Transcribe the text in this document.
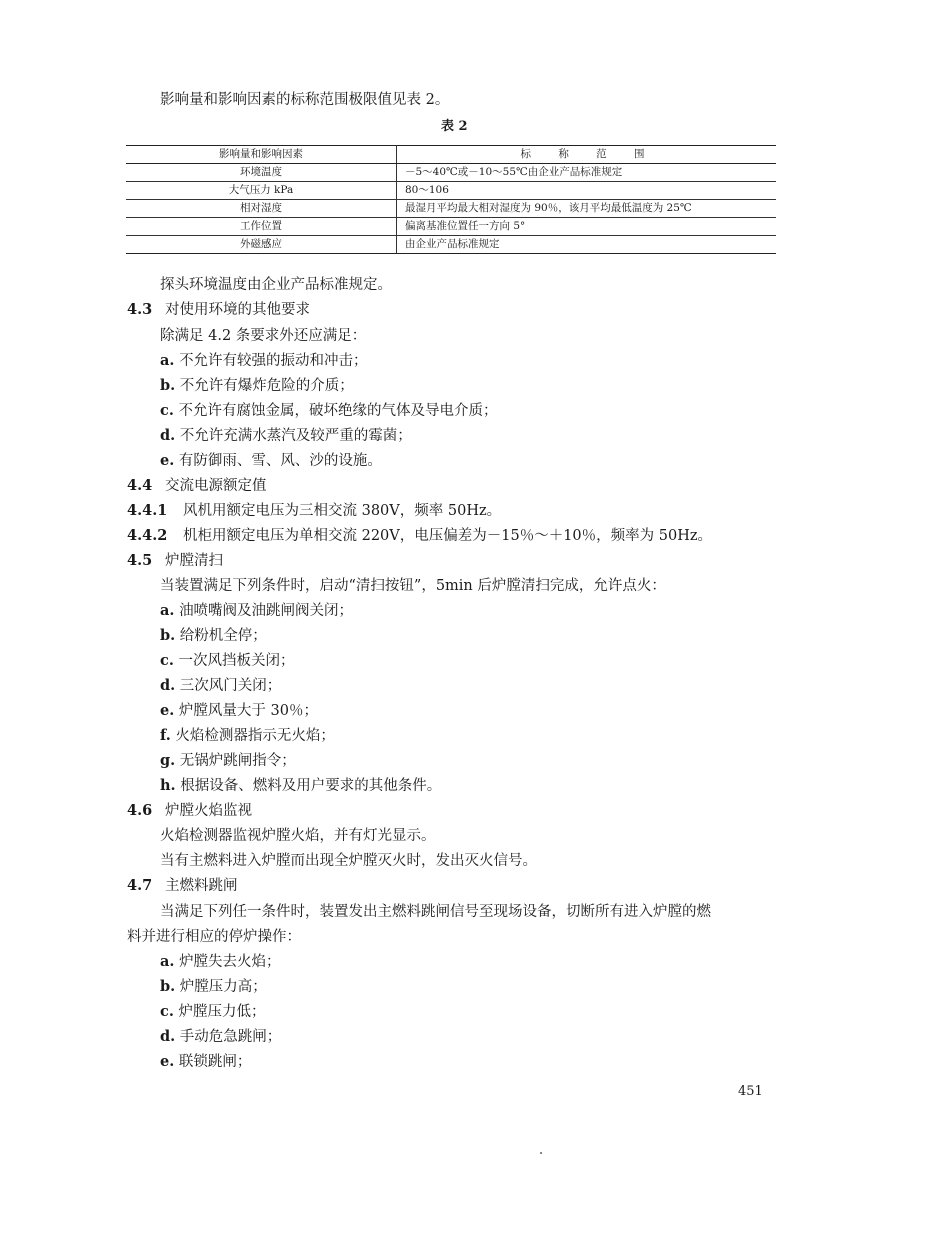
影响量和影响因素的标称范围极限值见表 2。
表 2
影响量和影响因素	标 称 范 围
环境温度	－5～40℃或－10～55℃由企业产品标准规定
大气压力 kPa	80～106
相对湿度	最湿月平均最大相对湿度为 90％，该月平均最低温度为 25℃
工作位置	偏离基准位置任一方向 5°
外磁感应	由企业产品标准规定
探头环境温度由企业产品标准规定。
4.3 对使用环境的其他要求
除满足 4.2 条要求外还应满足：
a. 不允许有较强的振动和冲击；
b. 不允许有爆炸危险的介质；
c. 不允许有腐蚀金属，破坏绝缘的气体及导电介质；
d. 不允许充满水蒸汽及较严重的霉菌；
e. 有防御雨、雪、风、沙的设施。
4.4 交流电源额定值
4.4.1 风机用额定电压为三相交流 380V，频率 50Hz。
4.4.2 机柜用额定电压为单相交流 220V，电压偏差为－15％～＋10％，频率为 50Hz。
4.5 炉膛清扫
当装置满足下列条件时，启动“清扫按钮”，5min 后炉膛清扫完成，允许点火：
a. 油喷嘴阀及油跳闸阀关闭；
b. 给粉机全停；
c. 一次风挡板关闭；
d. 三次风门关闭；
e. 炉膛风量大于 30％；
f. 火焰检测器指示无火焰；
g. 无锅炉跳闸指令；
h. 根据设备、燃料及用户要求的其他条件。
4.6 炉膛火焰监视
火焰检测器监视炉膛火焰，并有灯光显示。
当有主燃料进入炉膛而出现全炉膛灭火时，发出灭火信号。
4.7 主燃料跳闸
当满足下列任一条件时，装置发出主燃料跳闸信号至现场设备，切断所有进入炉膛的燃
料并进行相应的停炉操作：
a. 炉膛失去火焰；
b. 炉膛压力高；
c. 炉膛压力低；
d. 手动危急跳闸；
e. 联锁跳闸；
451
